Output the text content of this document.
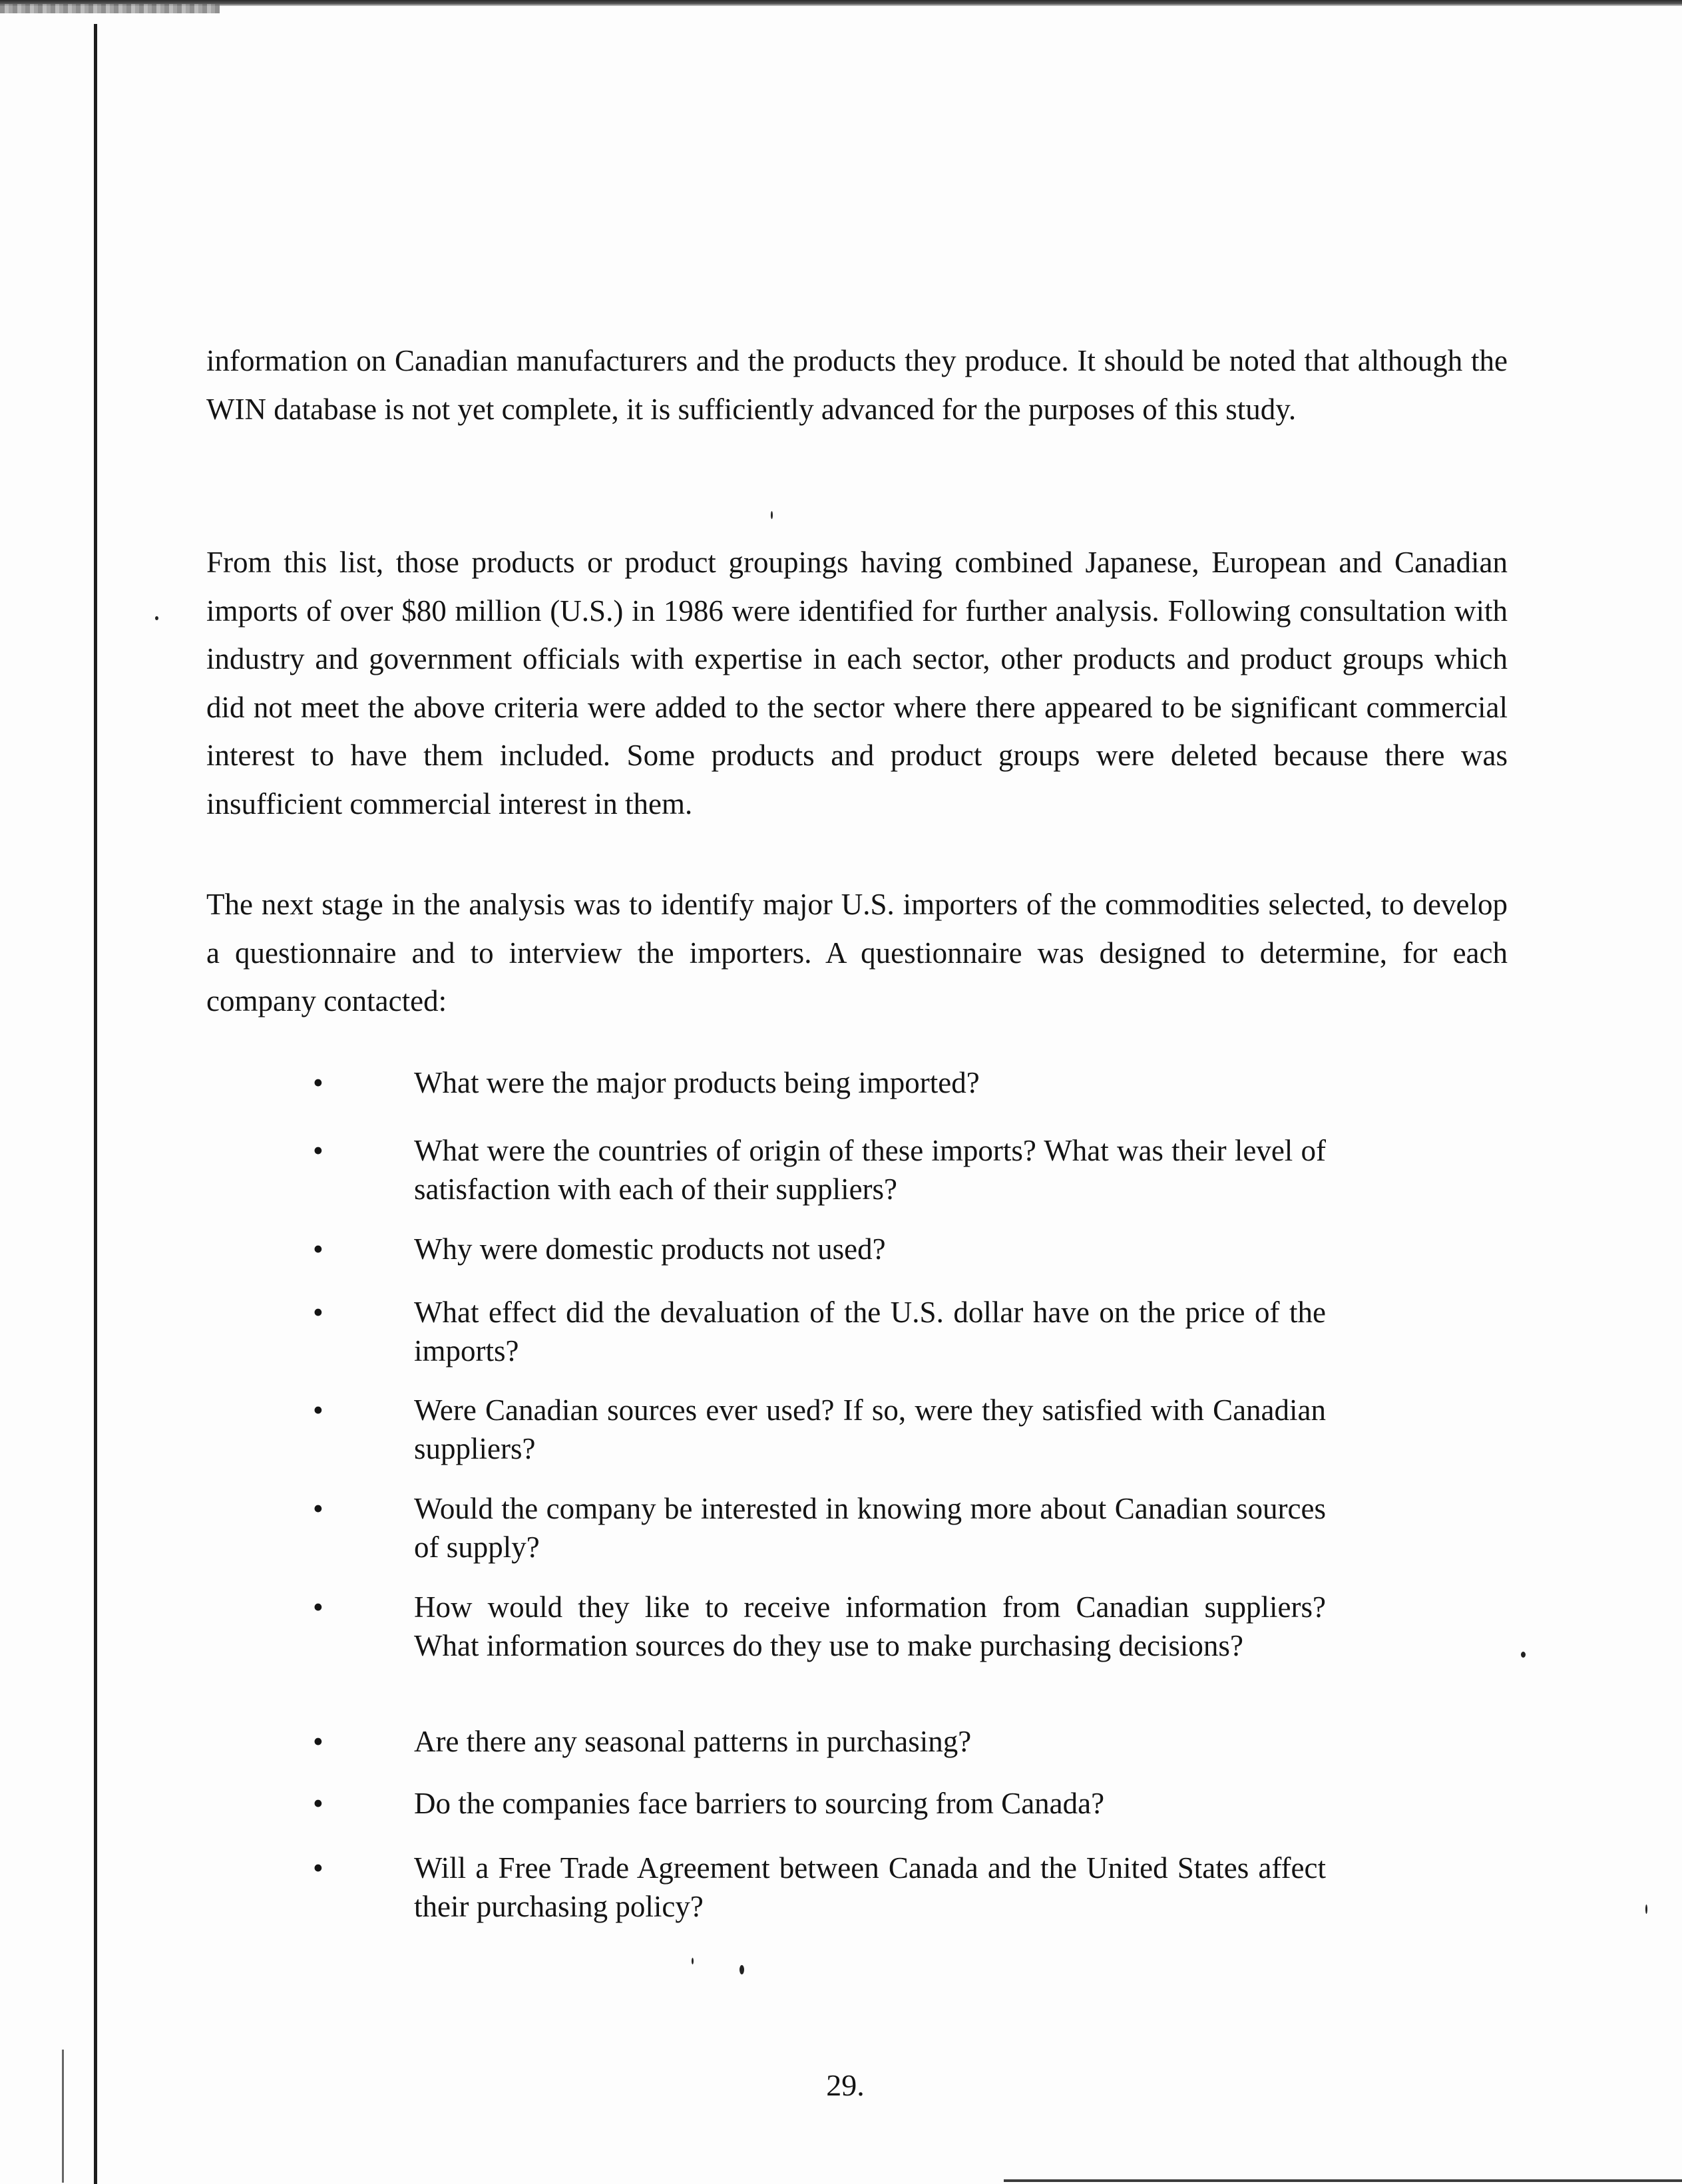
information on Canadian manufacturers and the products they produce. It should be noted that although the WIN database is not yet complete, it is sufficiently advanced for the purposes of this study.

From this list, those products or product groupings having combined Japanese, European and Canadian imports of over $80 million (U.S.) in 1986 were identified for further analysis. Following consultation with industry and government officials with expertise in each sector, other products and product groups which did not meet the above criteria were added to the sector where there appeared to be significant commercial interest to have them included. Some products and product groups were deleted because there was insufficient commercial interest in them.

The next stage in the analysis was to identify major U.S. importers of the commodities selected, to develop a questionnaire and to interview the importers. A questionnaire was designed to determine, for each company contacted:

•	What were the major products being imported?
•	What were the countries of origin of these imports? What was their level of satisfaction with each of their suppliers?
•	Why were domestic products not used?
•	What effect did the devaluation of the U.S. dollar have on the price of the imports?
•	Were Canadian sources ever used? If so, were they satisfied with Canadian suppliers?
•	Would the company be interested in knowing more about Canadian sources of supply?
•	How would they like to receive information from Canadian suppliers? What information sources do they use to make purchasing decisions?
•	Are there any seasonal patterns in purchasing?
•	Do the companies face barriers to sourcing from Canada?
•	Will a Free Trade Agreement between Canada and the United States affect their purchasing policy?
29.
